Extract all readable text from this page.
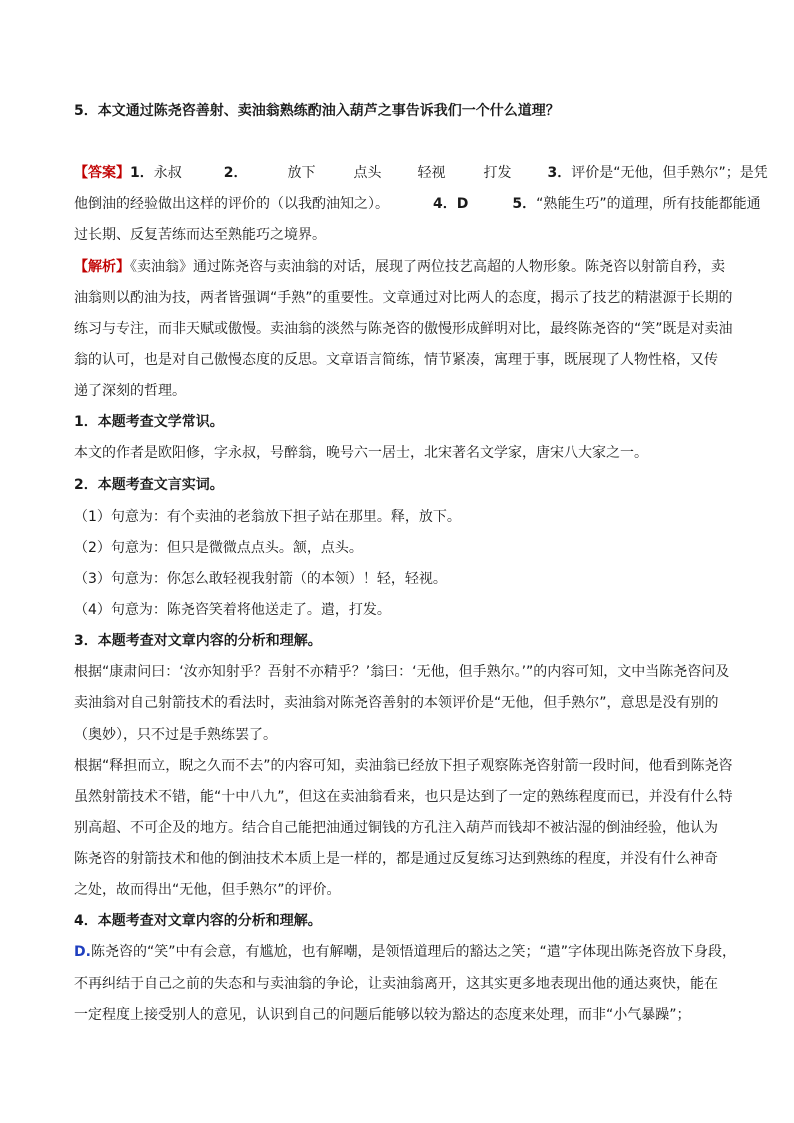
5．本文通过陈尧咨善射、卖油翁熟练酌油入葫芦之事告诉我们一个什么道理？
【答案】1．永叔	2．	放下	点头	轻视	打发	3．评价是“无他，但手熟尔”；是凭
他倒油的经验做出这样的评价的（以我酌油知之）。	4．D	5．“熟能生巧”的道理，所有技能都能通
过长期、反复苦练而达至熟能巧之境界。
【解析】《卖油翁》通过陈尧咨与卖油翁的对话，展现了两位技艺高超的人物形象。陈尧咨以射箭自矜，卖
油翁则以酌油为技，两者皆强调“手熟”的重要性。文章通过对比两人的态度，揭示了技艺的精湛源于长期的
练习与专注，而非天赋或傲慢。卖油翁的淡然与陈尧咨的傲慢形成鲜明对比，最终陈尧咨的“笑”既是对卖油
翁的认可，也是对自己傲慢态度的反思。文章语言简练，情节紧凑，寓理于事，既展现了人物性格，又传
递了深刻的哲理。
1．本题考查文学常识。
本文的作者是欧阳修，字永叔，号醉翁，晚号六一居士，北宋著名文学家，唐宋八大家之一。
2．本题考查文言实词。
（1）句意为：有个卖油的老翁放下担子站在那里。释，放下。
（2）句意为：但只是微微点点头。颔，点头。
（3）句意为：你怎么敢轻视我射箭（的本领）！轻，轻视。
（4）句意为：陈尧咨笑着将他送走了。遣，打发。
3．本题考查对文章内容的分析和理解。
根据“康肃问曰：‘汝亦知射乎？吾射不亦精乎？’翁曰：‘无他，但手熟尔。’”的内容可知，文中当陈尧咨问及
卖油翁对自己射箭技术的看法时，卖油翁对陈尧咨善射的本领评价是“无他，但手熟尔”，意思是没有别的
（奥妙），只不过是手熟练罢了。
根据“释担而立，睨之久而不去”的内容可知，卖油翁已经放下担子观察陈尧咨射箭一段时间，他看到陈尧咨
虽然射箭技术不错，能“十中八九”，但这在卖油翁看来，也只是达到了一定的熟练程度而已，并没有什么特
别高超、不可企及的地方。结合自己能把油通过铜钱的方孔注入葫芦而钱却不被沾湿的倒油经验，他认为
陈尧咨的射箭技术和他的倒油技术本质上是一样的，都是通过反复练习达到熟练的程度，并没有什么神奇
之处，故而得出“无他，但手熟尔”的评价。
4．本题考查对文章内容的分析和理解。
D.陈尧咨的“笑”中有会意，有尴尬，也有解嘲，是领悟道理后的豁达之笑；“遣”字体现出陈尧咨放下身段，
不再纠结于自己之前的失态和与卖油翁的争论，让卖油翁离开，这其实更多地表现出他的通达爽快，能在
一定程度上接受别人的意见，认识到自己的问题后能够以较为豁达的态度来处理，而非“小气暴躁”；
